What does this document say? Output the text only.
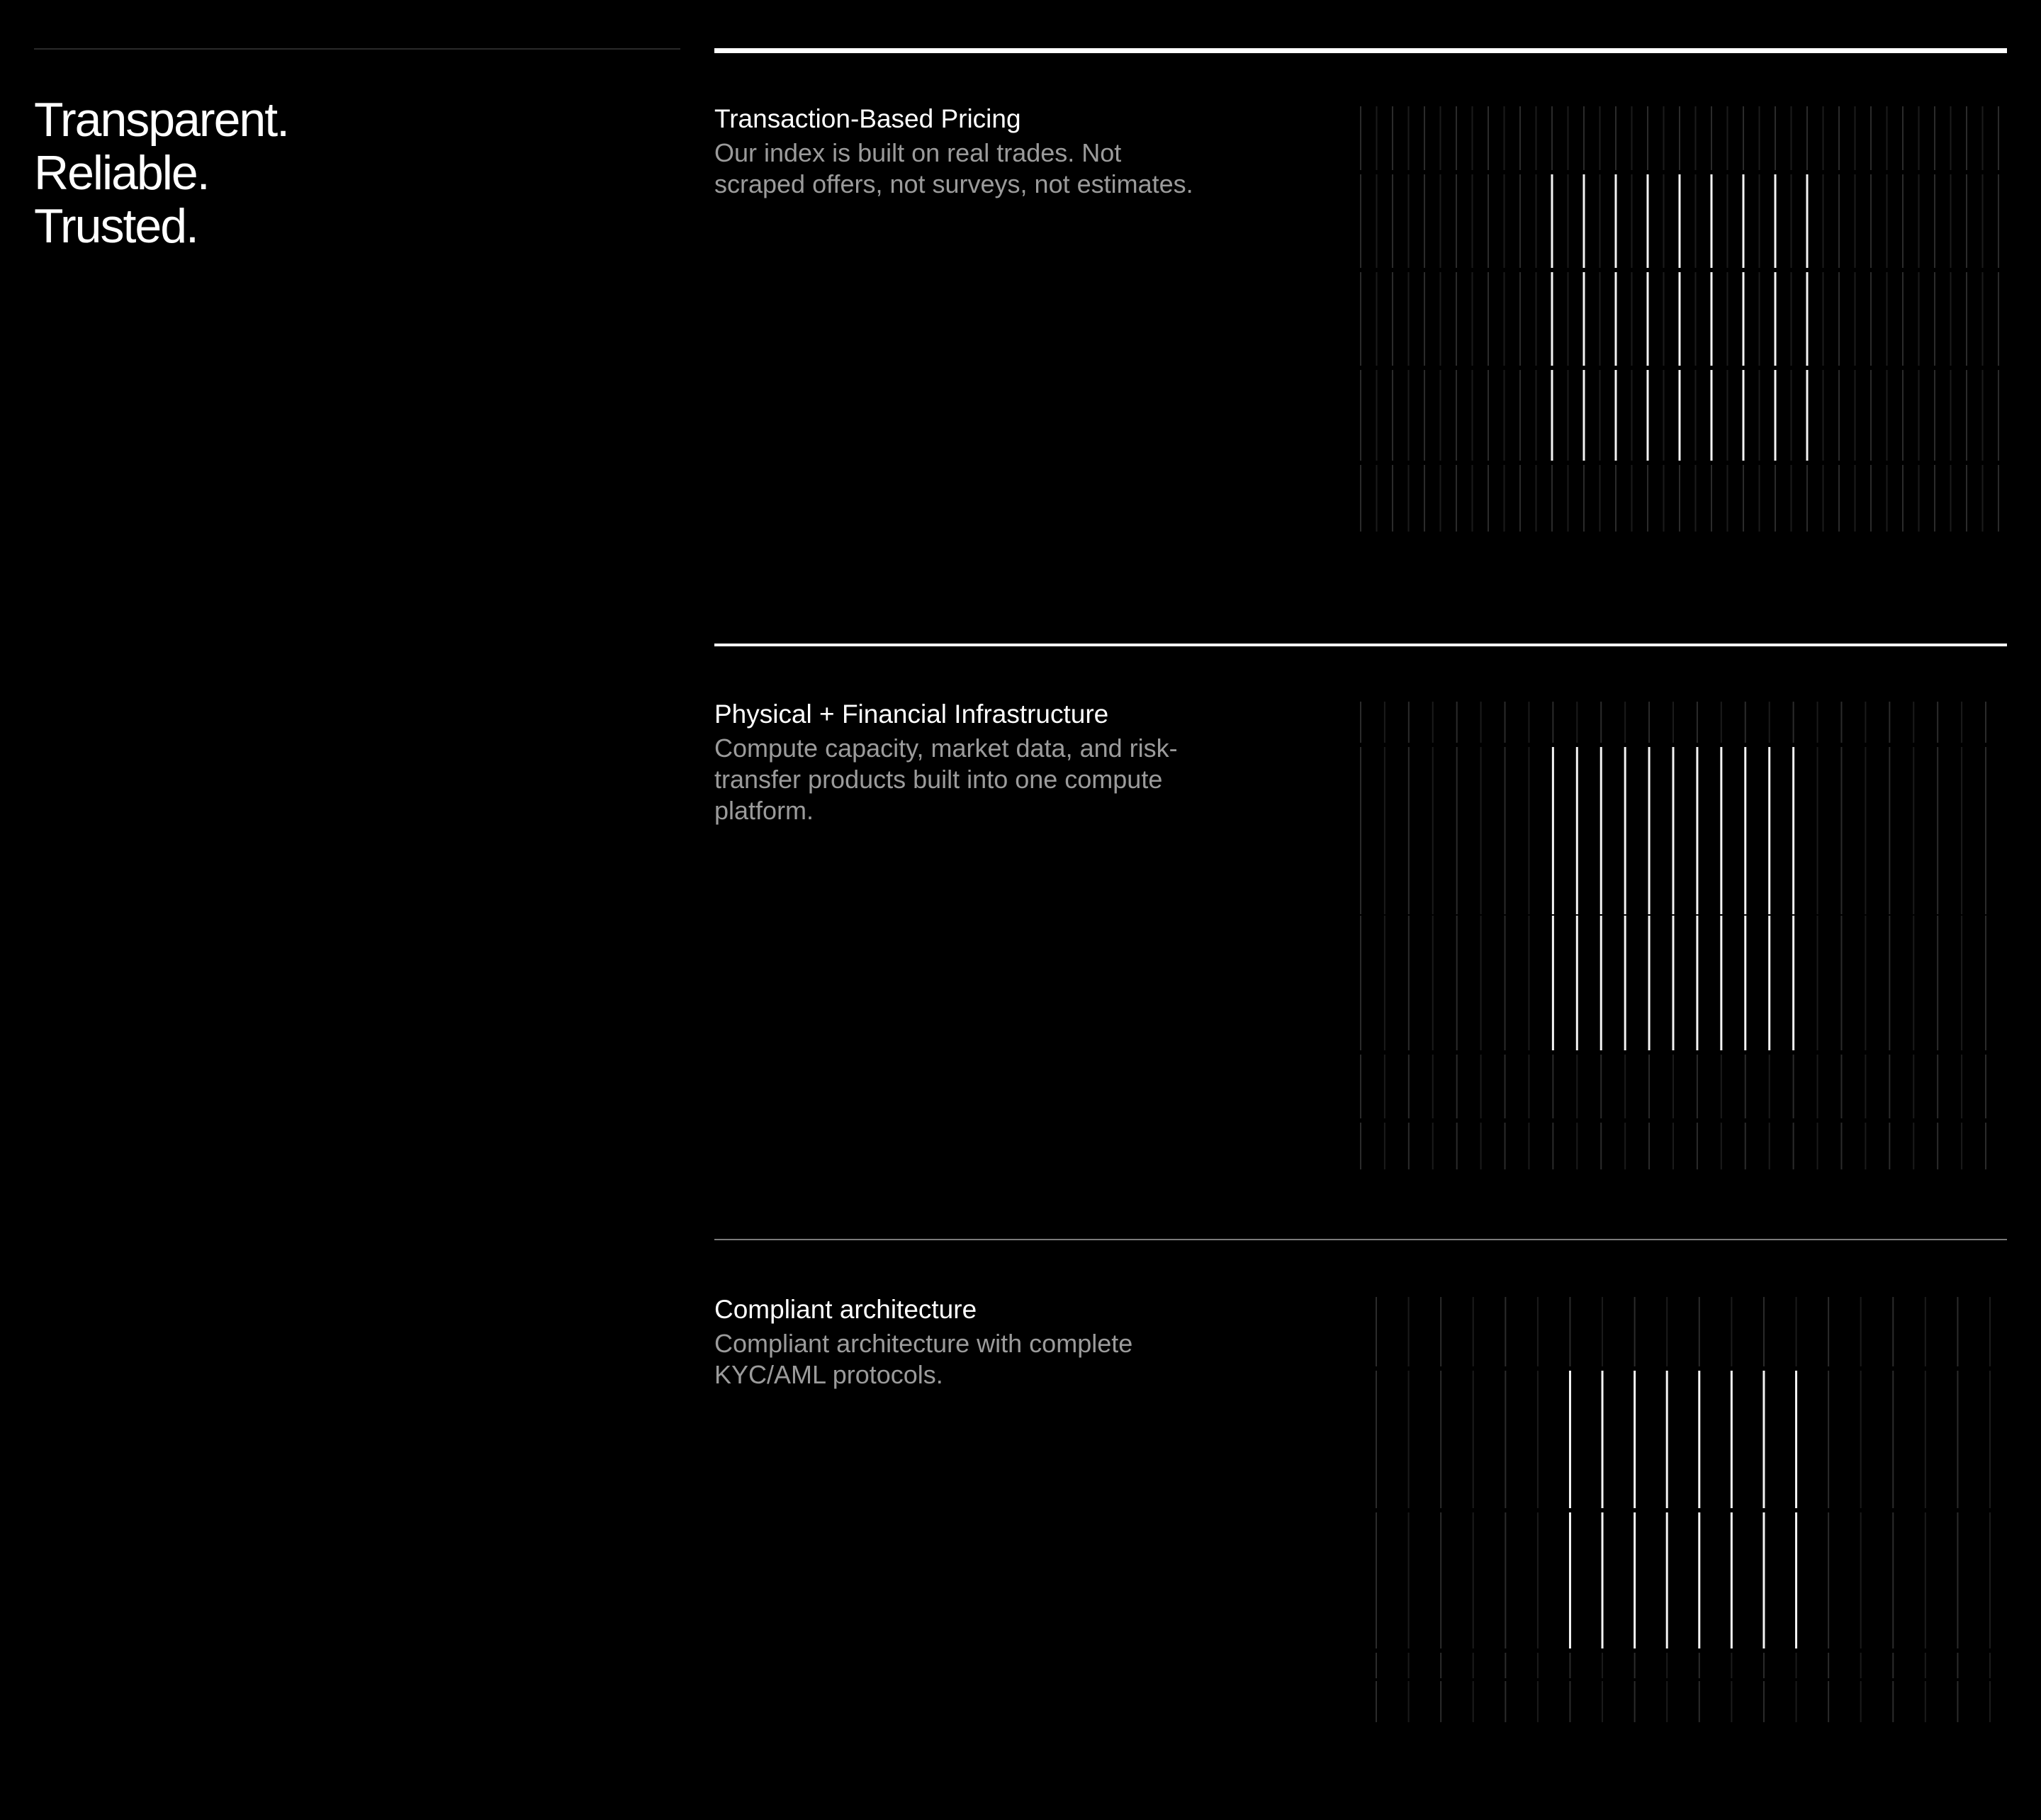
Transparent.
Reliable.
Trusted.
Transaction-Based Pricing

Our index is built on real trades. Not scraped offers, not surveys, not estimates.

Physical + Financial Infrastructure

Compute capacity, market data, and risk-transfer products built into one compute platform.

Compliant architecture

Compliant architecture with complete KYC/AML protocols.
